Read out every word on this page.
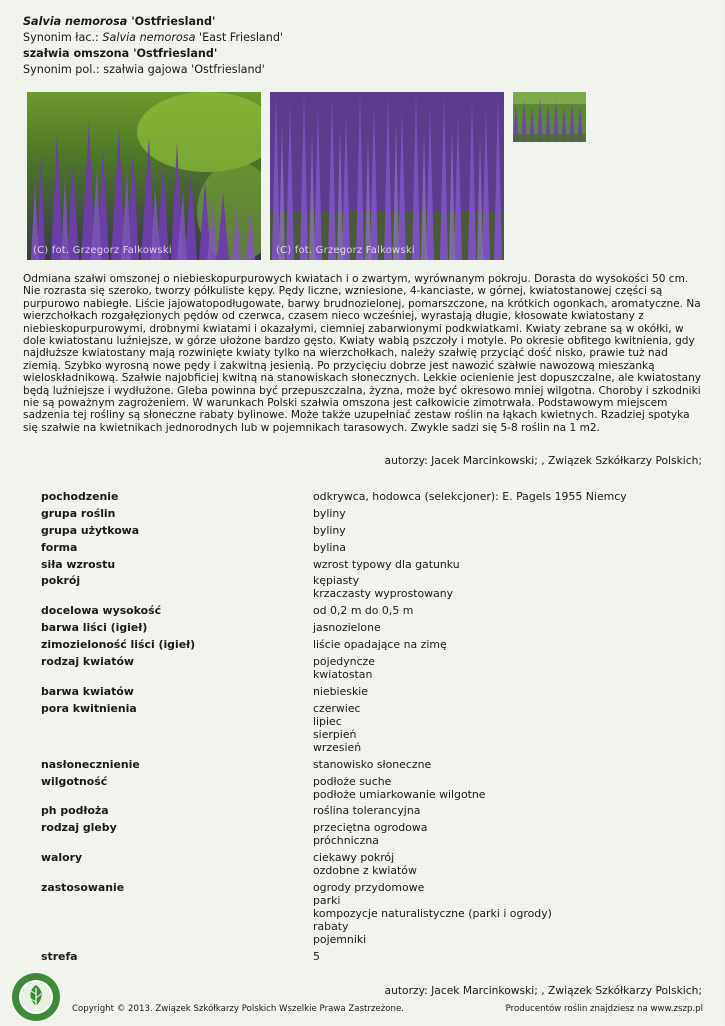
Salvia nemorosa 'Ostfriesland'
Synonim łac.: Salvia nemorosa 'East Friesland'
szałwia omszona 'Ostfriesland'
Synonim pol.: szałwia gajowa 'Ostfriesland'
(C) fot. Grzegorz Falkowski	(C) fot. Grzegorz Falkowski
Odmiana szałwi omszonej o niebieskopurpurowych kwiatach i o zwartym, wyrównanym pokroju. Dorasta do wysokości 50 cm. Nie rozrasta się szeroko, tworzy półkuliste kępy. Pędy liczne, wzniesione, 4-kanciaste, w górnej, kwiatostanowej części są purpurowo nabiegłe. Liście jajowatopodługowate, barwy brudnozielonej, pomarszczone, na krótkich ogonkach, aromatyczne. Na wierzchołkach rozgałęzionych pędów od czerwca, czasem nieco wcześniej, wyrastają długie, kłosowate kwiatostany z niebieskopurpurowymi, drobnymi kwiatami i okazałymi, ciemniej zabarwionymi podkwiatkami. Kwiaty zebrane są w okółki, w dole kwiatostanu luźniejsze, w górze ułożone bardzo gęsto. Kwiaty wabią pszczoły i motyle. Po okresie obfitego kwitnienia, gdy najdłuższe kwiatostany mają rozwinięte kwiaty tylko na wierzchołkach, należy szałwię przyciąć dość nisko, prawie tuż nad ziemią. Szybko wyrosną nowe pędy i zakwitną jesienią. Po przycięciu dobrze jest nawozić szałwie nawozową mieszanką wieloskładnikową. Szałwie najobficiej kwitną na stanowiskach słonecznych. Lekkie ocienienie jest dopuszczalne, ale kwiatostany będą luźniejsze i wydłużone. Gleba powinna być przepuszczalna, żyzna, może być okresowo mniej wilgotna. Choroby i szkodniki nie są poważnym zagrożeniem. W warunkach Polski szałwia omszona jest całkowicie zimotrwała. Podstawowym miejscem sadzenia tej rośliny są słoneczne rabaty bylinowe. Może także uzupełniać zestaw roślin na łąkach kwietnych. Rzadziej spotyka się szałwie na kwietnikach jednorodnych lub w pojemnikach tarasowych. Zwykle sadzi się 5-8 roślin na 1 m2.
autorzy: Jacek Marcinkowski; , Związek Szkółkarzy Polskich;
pochodzenie	odkrywca, hodowca (selekcjoner): E. Pagels 1955 Niemcy
grupa roślin	byliny
grupa użytkowa	byliny
forma	bylina
siła wzrostu	wzrost typowy dla gatunku
pokrój	kępiasty
krzaczasty wyprostowany
docelowa wysokość	od 0,2 m do 0,5 m
barwa liści (igieł)	jasnozielone
zimozieloność liści (igieł)	liście opadające na zimę
rodzaj kwiatów	pojedyncze
kwiatostan
barwa kwiatów	niebieskie
pora kwitnienia	czerwiec
lipiec
sierpień
wrzesień
nasłonecznienie	stanowisko słoneczne
wilgotność	podłoże suche
podłoże umiarkowanie wilgotne
ph podłoża	roślina tolerancyjna
rodzaj gleby	przeciętna ogrodowa
próchniczna
walory	ciekawy pokrój
ozdobne z kwiatów
zastosowanie	ogrody przydomowe
parki
kompozycje naturalistyczne (parki i ogrody)
rabaty
pojemniki
strefa	5
autorzy: Jacek Marcinkowski; , Związek Szkółkarzy Polskich;
Copyright © 2013. Związek Szkółkarzy Polskich Wszelkie Prawa Zastrzeżone.	Producentów roślin znajdziesz na www.zszp.pl
